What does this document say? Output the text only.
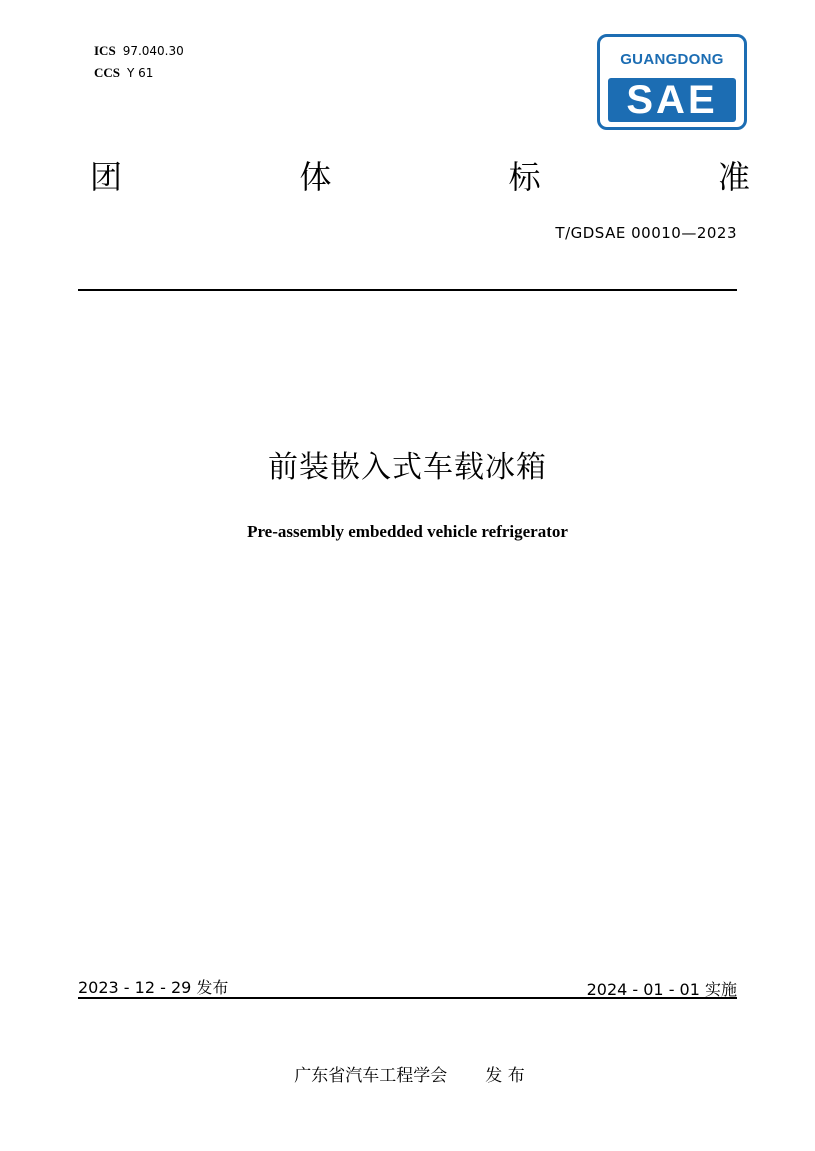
ICS 97.040.30
CCS Y 61
GUANGDONG
SAE
团	体	标	准
T/GDSAE 00010—2023
前装嵌入式车载冰箱
Pre-assembly embedded vehicle refrigerator
2023 - 12 - 29 发布	2024 - 01 - 01 实施
广东省汽车工程学会 发 布
